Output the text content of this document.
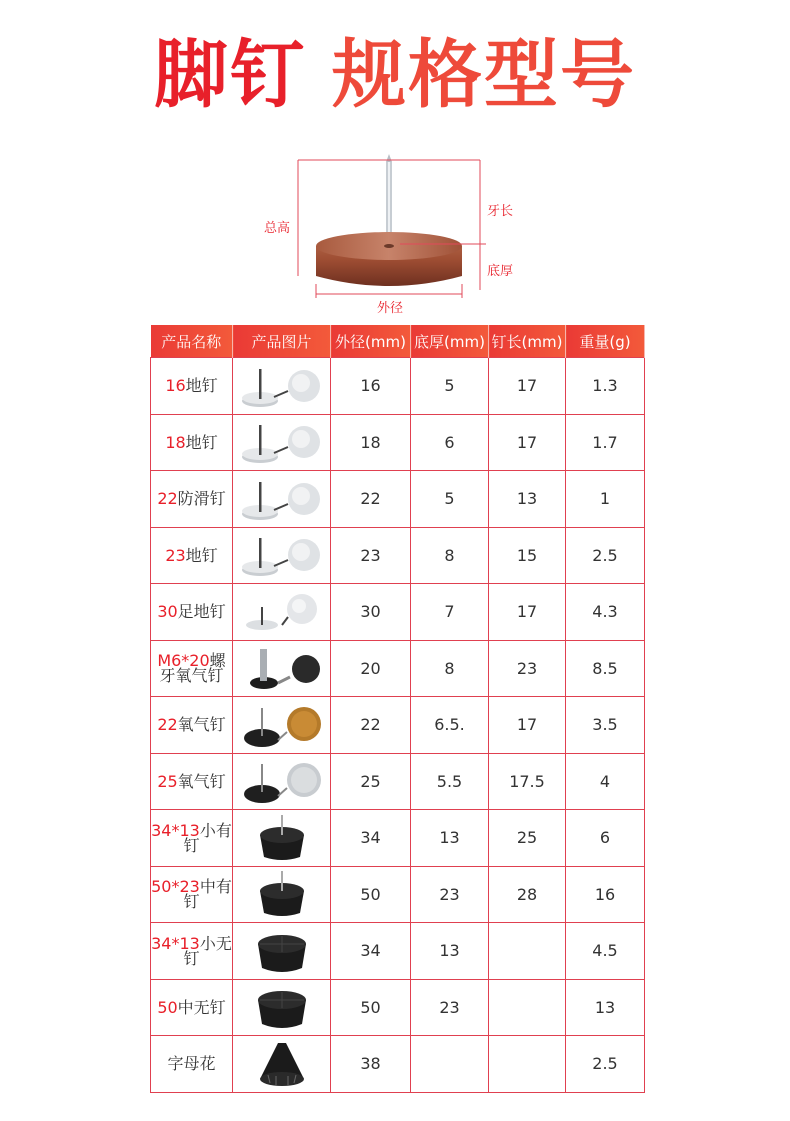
脚钉 规格型号
总高
牙长
底厚
外径
产品名称	产品图片	外径(mm)	底厚(mm)	钉长(mm)	重量(g)
16地钉		16	5	17	1.3
18地钉		18	6	17	1.7
22防滑钉		22	5	13	1
23地钉		23	8	15	2.5
30足地钉		30	7	17	4.3
M6*20螺牙氧气钉		20	8	23	8.5
22氧气钉		22	6.5.	17	3.5
25氧气钉		25	5.5	17.5	4
34*13小有钉		34	13	25	6
50*23中有钉		50	23	28	16
34*13小无钉		34	13		4.5
50中无钉		50	23		13
字母花		38			2.5
